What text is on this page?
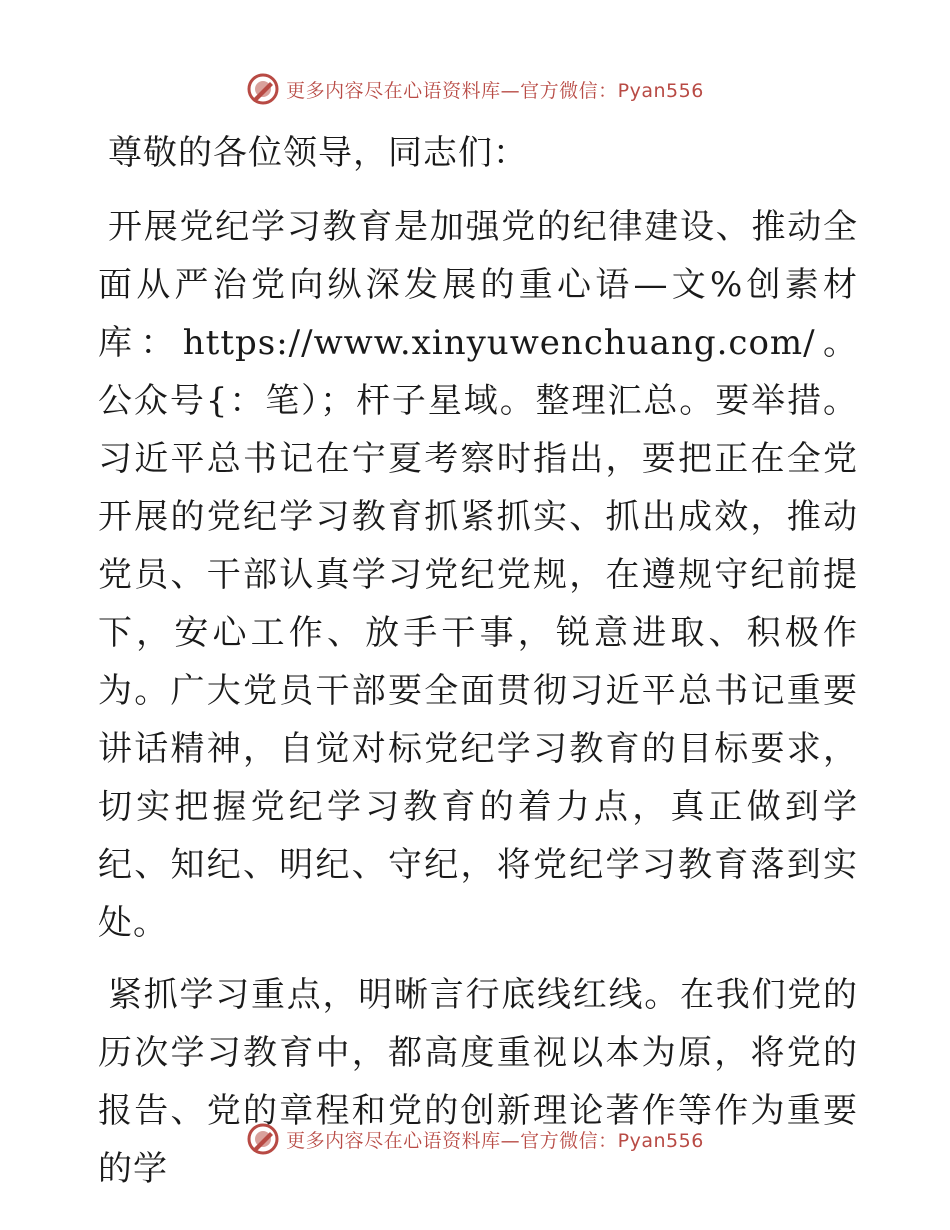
更多内容尽在心语资料库—官方微信：Pyan556

尊敬的各位领导，同志们：

开展党纪学习教育是加强党的纪律建设、推动全面从严治党向纵深发展的重心语—文%创素材库：https://www.xinyuwenchuang.com/。公众号{：笔）；杆子星域。整理汇总。要举措。习近平总书记在宁夏考察时指出，要把正在全党开展的党纪学习教育抓紧抓实、抓出成效，推动党员、干部认真学习党纪党规，在遵规守纪前提下，安心工作、放手干事，锐意进取、积极作为。广大党员干部要全面贯彻习近平总书记重要讲话精神，自觉对标党纪学习教育的目标要求，切实把握党纪学习教育的着力点，真正做到学纪、知纪、明纪、守纪，将党纪学习教育落到实处。

紧抓学习重点，明晰言行底线红线。在我们党的历次学习教育中，都高度重视以本为原，将党的报告、党的章程和党的创新理论著作等作为重要的学

更多内容尽在心语资料库—官方微信：Pyan556
